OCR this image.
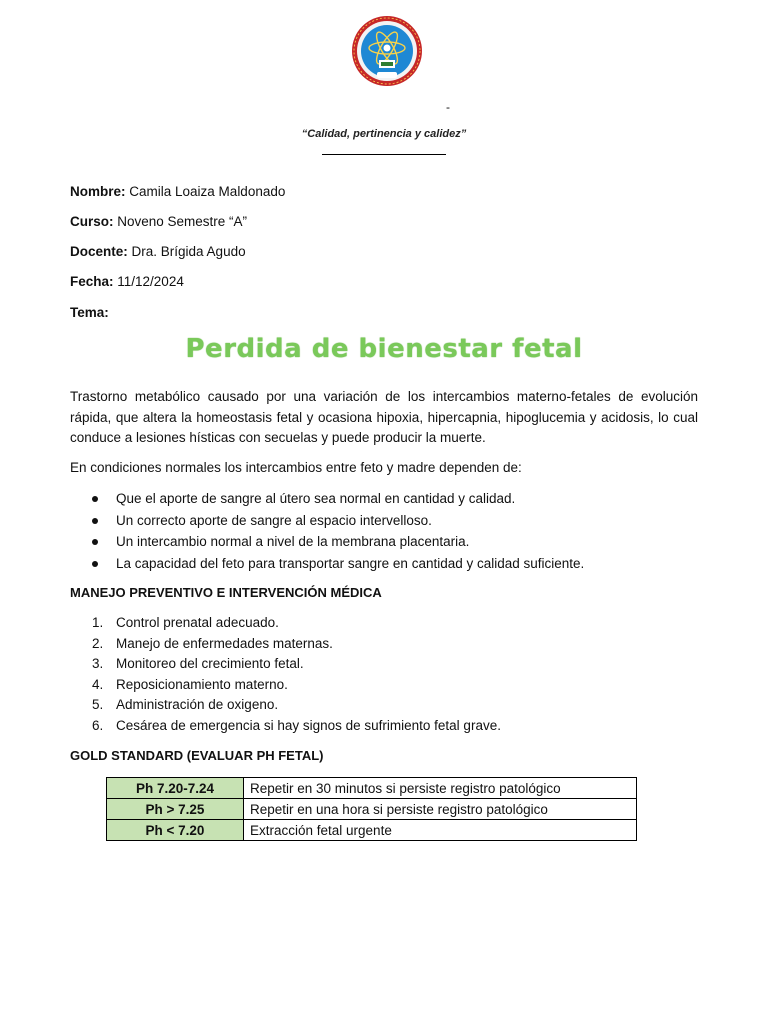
-
“Calidad, pertinencia y calidez”
Nombre: Camila Loaiza Maldonado
Curso: Noveno Semestre “A”
Docente: Dra. Brígida Agudo
Fecha: 11/12/2024
Tema:
Perdida de bienestar fetal

Trastorno metabólico causado por una variación de los intercambios materno-fetales de evolución rápida, que altera la homeostasis fetal y ocasiona hipoxia, hipercapnia, hipoglucemia y acidosis, lo cual conduce a lesiones hísticas con secuelas y puede producir la muerte.

En condiciones normales los intercambios entre feto y madre dependen de:

Que el aporte de sangre al útero sea normal en cantidad y calidad.
Un correcto aporte de sangre al espacio intervelloso.
Un intercambio normal a nivel de la membrana placentaria.
La capacidad del feto para transportar sangre en cantidad y calidad suficiente.
MANEJO PREVENTIVO E INTERVENCIÓN MÉDICA
1. Control prenatal adecuado.
2. Manejo de enfermedades maternas.
3. Monitoreo del crecimiento fetal.
4. Reposicionamiento materno.
5. Administración de oxigeno.
6. Cesárea de emergencia si hay signos de sufrimiento fetal grave.
GOLD STANDARD (EVALUAR PH FETAL)
Ph 7.20-7.24	Repetir en 30 minutos si persiste registro patológico
Ph > 7.25	Repetir en una hora si persiste registro patológico
Ph < 7.20	Extracción fetal urgente
